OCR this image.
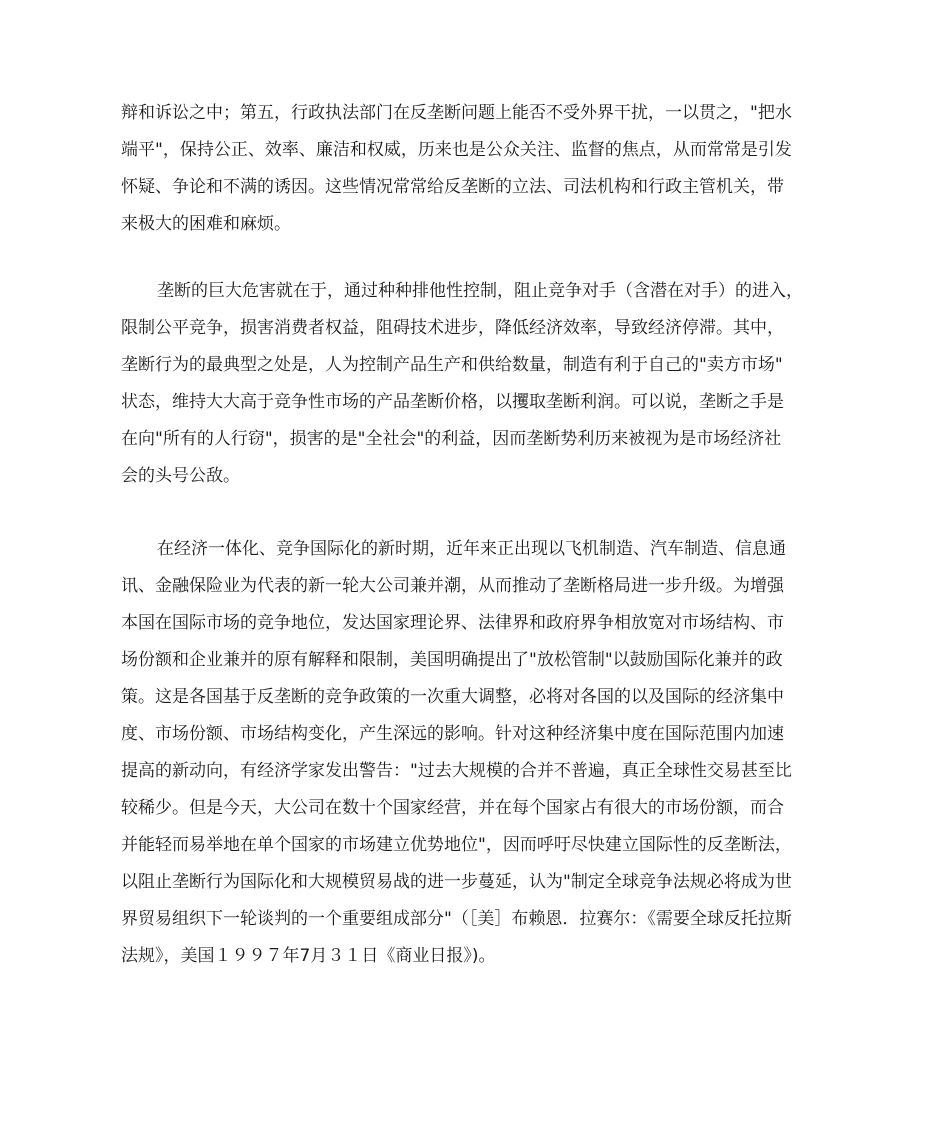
辩和诉讼之中；第五，行政执法部门在反垄断问题上能否不受外界干扰，一以贯之，"把水
端平"，保持公正、效率、廉洁和权威，历来也是公众关注、监督的焦点，从而常常是引发
怀疑、争论和不满的诱因。这些情况常常给反垄断的立法、司法机构和行政主管机关，带
来极大的困难和麻烦。
垄断的巨大危害就在于，通过种种排他性控制，阻止竞争对手（含潜在对手）的进入，
限制公平竞争，损害消费者权益，阻碍技术进步，降低经济效率，导致经济停滞。其中，
垄断行为的最典型之处是，人为控制产品生产和供给数量，制造有利于自己的"卖方市场"
状态，维持大大高于竞争性市场的产品垄断价格，以攫取垄断利润。可以说，垄断之手是
在向"所有的人行窃"，损害的是"全社会"的利益，因而垄断势利历来被视为是市场经济社
会的头号公敌。
在经济一体化、竞争国际化的新时期，近年来正出现以飞机制造、汽车制造、信息通
讯、金融保险业为代表的新一轮大公司兼并潮，从而推动了垄断格局进一步升级。为增强
本国在国际市场的竞争地位，发达国家理论界、法律界和政府界争相放宽对市场结构、市
场份额和企业兼并的原有解释和限制，美国明确提出了"放松管制"以鼓励国际化兼并的政
策。这是各国基于反垄断的竞争政策的一次重大调整，必将对各国的以及国际的经济集中
度、市场份额、市场结构变化，产生深远的影响。针对这种经济集中度在国际范围内加速
提高的新动向，有经济学家发出警告："过去大规模的合并不普遍，真正全球性交易甚至比
较稀少。但是今天，大公司在数十个国家经营，并在每个国家占有很大的市场份额，而合
并能轻而易举地在单个国家的市场建立优势地位"，因而呼吁尽快建立国际性的反垄断法，
以阻止垄断行为国际化和大规模贸易战的进一步蔓延，认为"制定全球竞争法规必将成为世
界贸易组织下一轮谈判的一个重要组成部分"（［美］布赖恩．拉赛尔：《需要全球反托拉斯
法规》，美国１９９７年7月３１日《商业日报》)。
